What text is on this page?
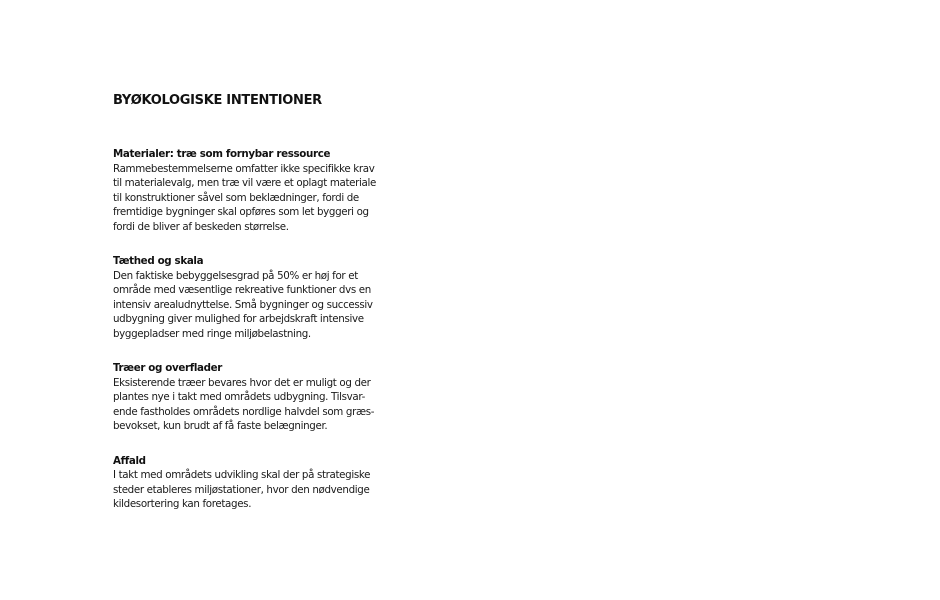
BYØKOLOGISKE INTENTIONER

Materialer: træ som fornybar ressource

Rammebestemmelserne omfatter ikke specifikke krav

til materialevalg, men træ vil være et oplagt materiale

til konstruktioner såvel som beklædninger, fordi de

fremtidige bygninger skal opføres som let byggeri og

fordi de bliver af beskeden størrelse.

Tæthed og skala

Den faktiske bebyggelsesgrad på 50% er høj for et

område med væsentlige rekreative funktioner dvs en

intensiv arealudnyttelse. Små bygninger og successiv

udbygning giver mulighed for arbejdskraft intensive

byggepladser med ringe miljøbelastning.

Træer og overflader

Eksisterende træer bevares hvor det er muligt og der

plantes nye i takt med områdets udbygning. Tilsvar-

ende fastholdes områdets nordlige halvdel som græs-

bevokset, kun brudt af få faste belægninger.

Affald

I takt med områdets udvikling skal der på strategiske

steder etableres miljøstationer, hvor den nødvendige

kildesortering kan foretages.
